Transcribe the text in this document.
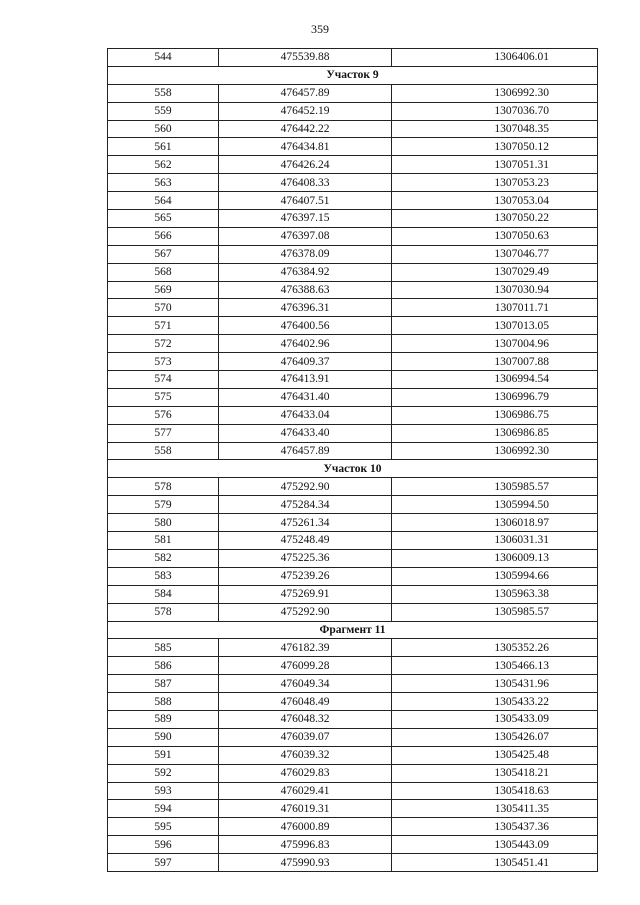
359
544	475539.88	1306406.01
Участок 9		
558	476457.89	1306992.30
559	476452.19	1307036.70
560	476442.22	1307048.35
561	476434.81	1307050.12
562	476426.24	1307051.31
563	476408.33	1307053.23
564	476407.51	1307053.04
565	476397.15	1307050.22
566	476397.08	1307050.63
567	476378.09	1307046.77
568	476384.92	1307029.49
569	476388.63	1307030.94
570	476396.31	1307011.71
571	476400.56	1307013.05
572	476402.96	1307004.96
573	476409.37	1307007.88
574	476413.91	1306994.54
575	476431.40	1306996.79
576	476433.04	1306986.75
577	476433.40	1306986.85
558	476457.89	1306992.30
Участок 10		
578	475292.90	1305985.57
579	475284.34	1305994.50
580	475261.34	1306018.97
581	475248.49	1306031.31
582	475225.36	1306009.13
583	475239.26	1305994.66
584	475269.91	1305963.38
578	475292.90	1305985.57
Фрагмент 11		
585	476182.39	1305352.26
586	476099.28	1305466.13
587	476049.34	1305431.96
588	476048.49	1305433.22
589	476048.32	1305433.09
590	476039.07	1305426.07
591	476039.32	1305425.48
592	476029.83	1305418.21
593	476029.41	1305418.63
594	476019.31	1305411.35
595	476000.89	1305437.36
596	475996.83	1305443.09
597	475990.93	1305451.41
